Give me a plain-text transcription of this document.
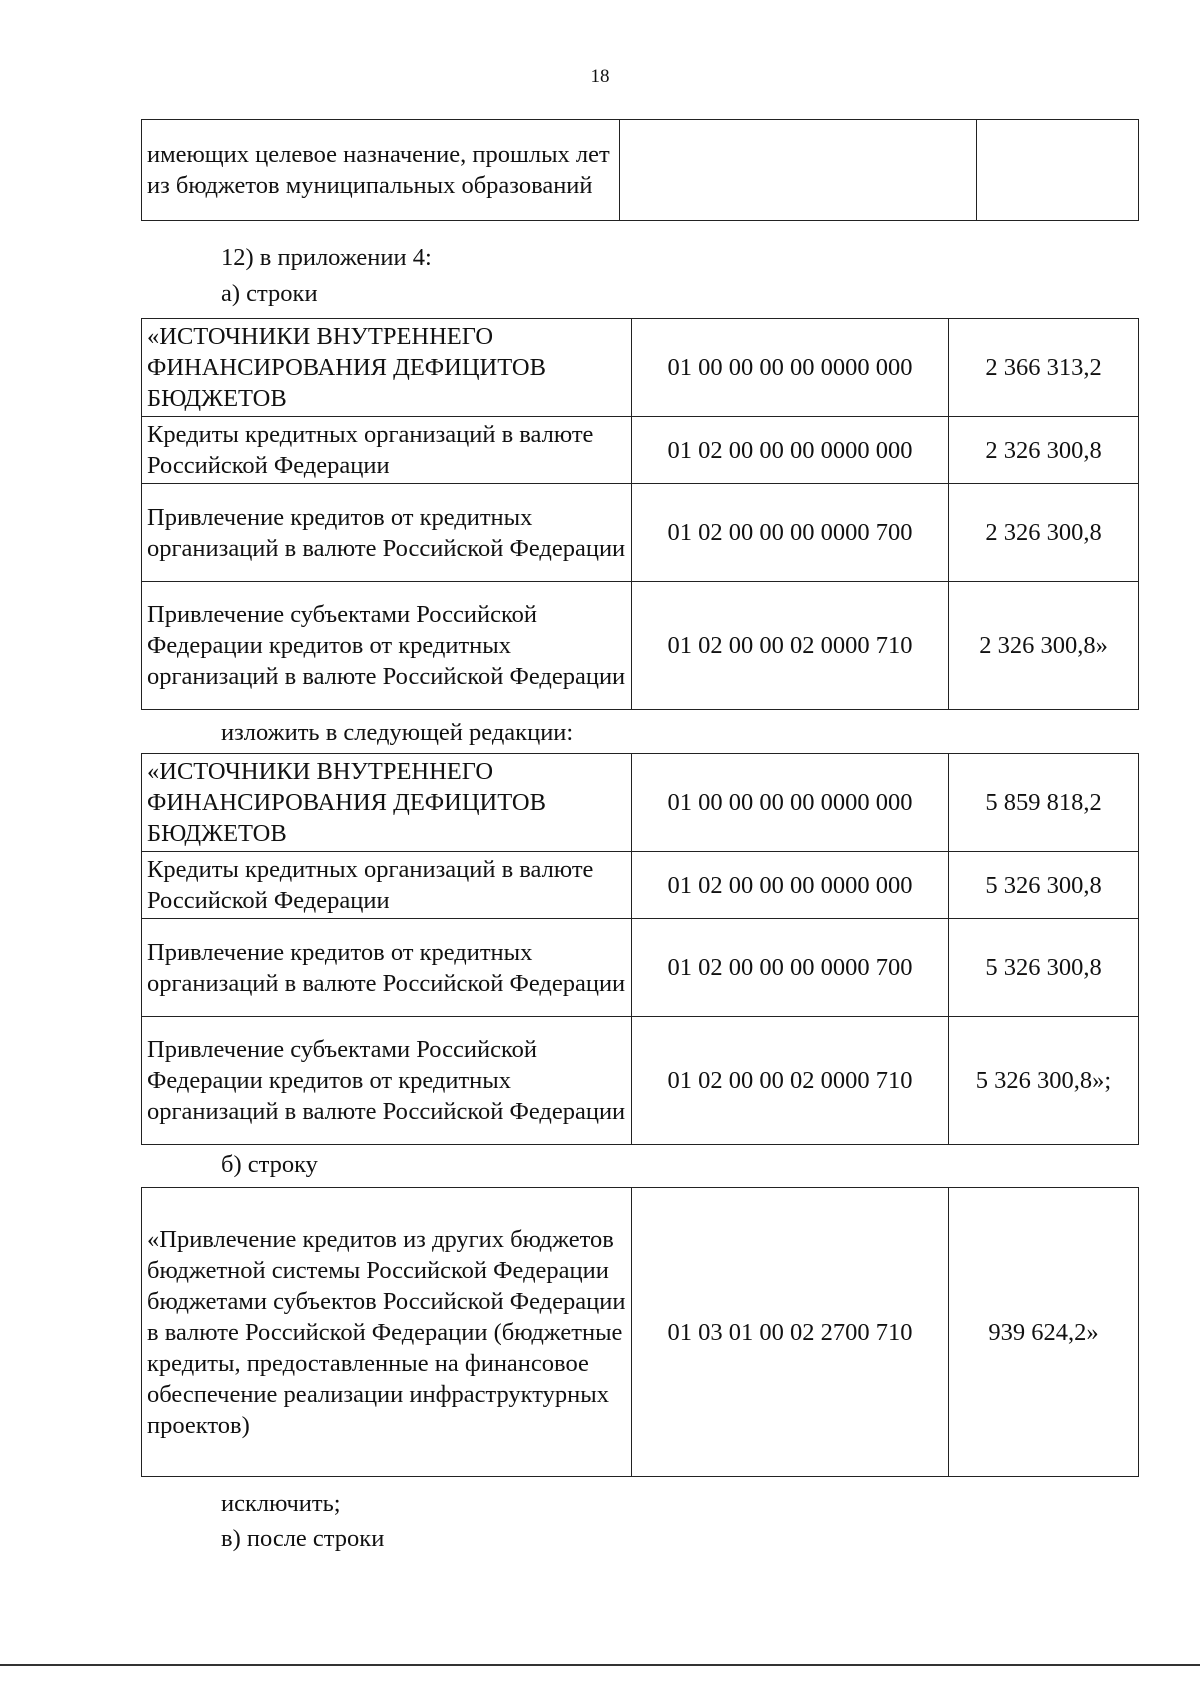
18
имеющих целевое назначение, прошлых лет из бюджетов муниципальных образований		
12) в приложении 4:
а) строки
«ИСТОЧНИКИ ВНУТРЕННЕГО ФИНАНСИРОВАНИЯ ДЕФИЦИТОВ БЮДЖЕТОВ	01 00 00 00 00 0000 000	2 366 313,2
Кредиты кредитных организаций в валюте Российской Федерации	01 02 00 00 00 0000 000	2 326 300,8
Привлечение кредитов от кредитных организаций в валюте Российской Федерации	01 02 00 00 00 0000 700	2 326 300,8
Привлечение субъектами Российской Федерации кредитов от кредитных организаций в валюте Российской Федерации	01 02 00 00 02 0000 710	2 326 300,8»
изложить в следующей редакции:
«ИСТОЧНИКИ ВНУТРЕННЕГО ФИНАНСИРОВАНИЯ ДЕФИЦИТОВ БЮДЖЕТОВ	01 00 00 00 00 0000 000	5 859 818,2
Кредиты кредитных организаций в валюте Российской Федерации	01 02 00 00 00 0000 000	5 326 300,8
Привлечение кредитов от кредитных организаций в валюте Российской Федерации	01 02 00 00 00 0000 700	5 326 300,8
Привлечение субъектами Российской Федерации кредитов от кредитных организаций в валюте Российской Федерации	01 02 00 00 02 0000 710	5 326 300,8»;
б) строку
«Привлечение кредитов из других бюджетов бюджетной системы Российской Федерации бюджетами субъектов Российской Федерации в валюте Российской Федерации (бюджетные кредиты, предоставленные на финансовое обеспечение реализации инфраструктурных проектов)	01 03 01 00 02 2700 710	939 624,2»
исключить;
в) после строки
